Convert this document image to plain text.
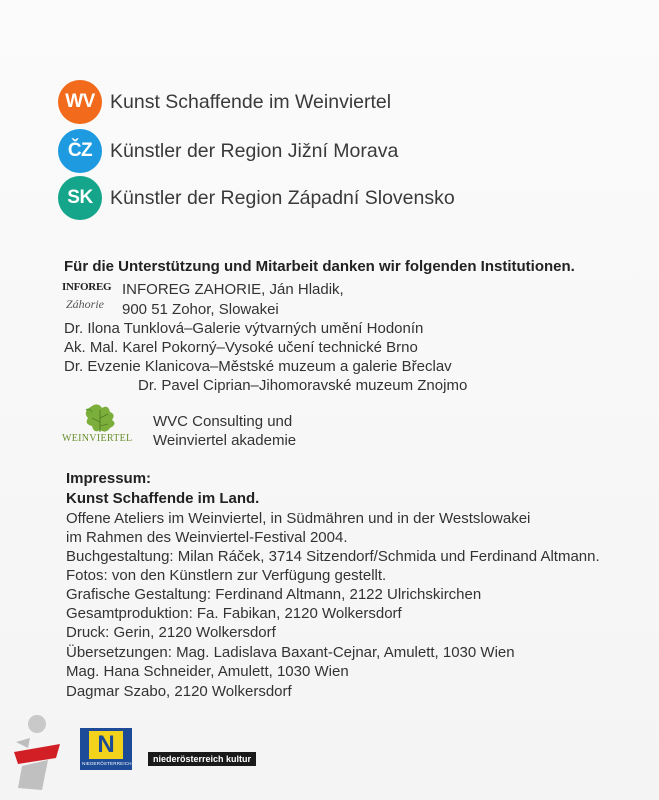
WV Kunst Schaffende im Weinviertel
ČZ Künstler der Region Jižní Morava
SK Künstler der Region Západní Slovensko
Für die Unterstützung und Mitarbeit danken wir folgenden Institutionen.
INFOREG
Záhorie
INFOREG ZAHORIE, Ján Hladik,
900 51 Zohor, Slowakei
Dr. Ilona Tunklová–Galerie výtvarných umění Hodonín
Ak. Mal. Karel Pokorný–Vysoké učení technické Brno
Dr. Evzenie Klanicova–Městské muzeum a galerie Břeclav
Dr. Pavel Ciprian–Jihomoravské muzeum Znojmo
WEINVIERTEL
WVC Consulting und
Weinviertel akademie
Impressum:
Kunst Schaffende im Land.
Offene Ateliers im Weinviertel, in Südmähren und in der Westslowakei
im Rahmen des Weinviertel-Festival 2004.
Buchgestaltung: Milan Ráček, 3714 Sitzendorf/Schmida und Ferdinand Altmann.
Fotos: von den Künstlern zur Verfügung gestellt.
Grafische Gestaltung: Ferdinand Altmann, 2122 Ulrichskirchen
Gesamtproduktion: Fa. Fabikan, 2120 Wolkersdorf
Druck: Gerin, 2120 Wolkersdorf
Übersetzungen: Mag. Ladislava Baxant-Cejnar, Amulett, 1030 Wien
Mag. Hana Schneider, Amulett, 1030 Wien
Dagmar Szabo, 2120 Wolkersdorf
N
NIEDERÖSTERREICH	niederösterreich kultur
